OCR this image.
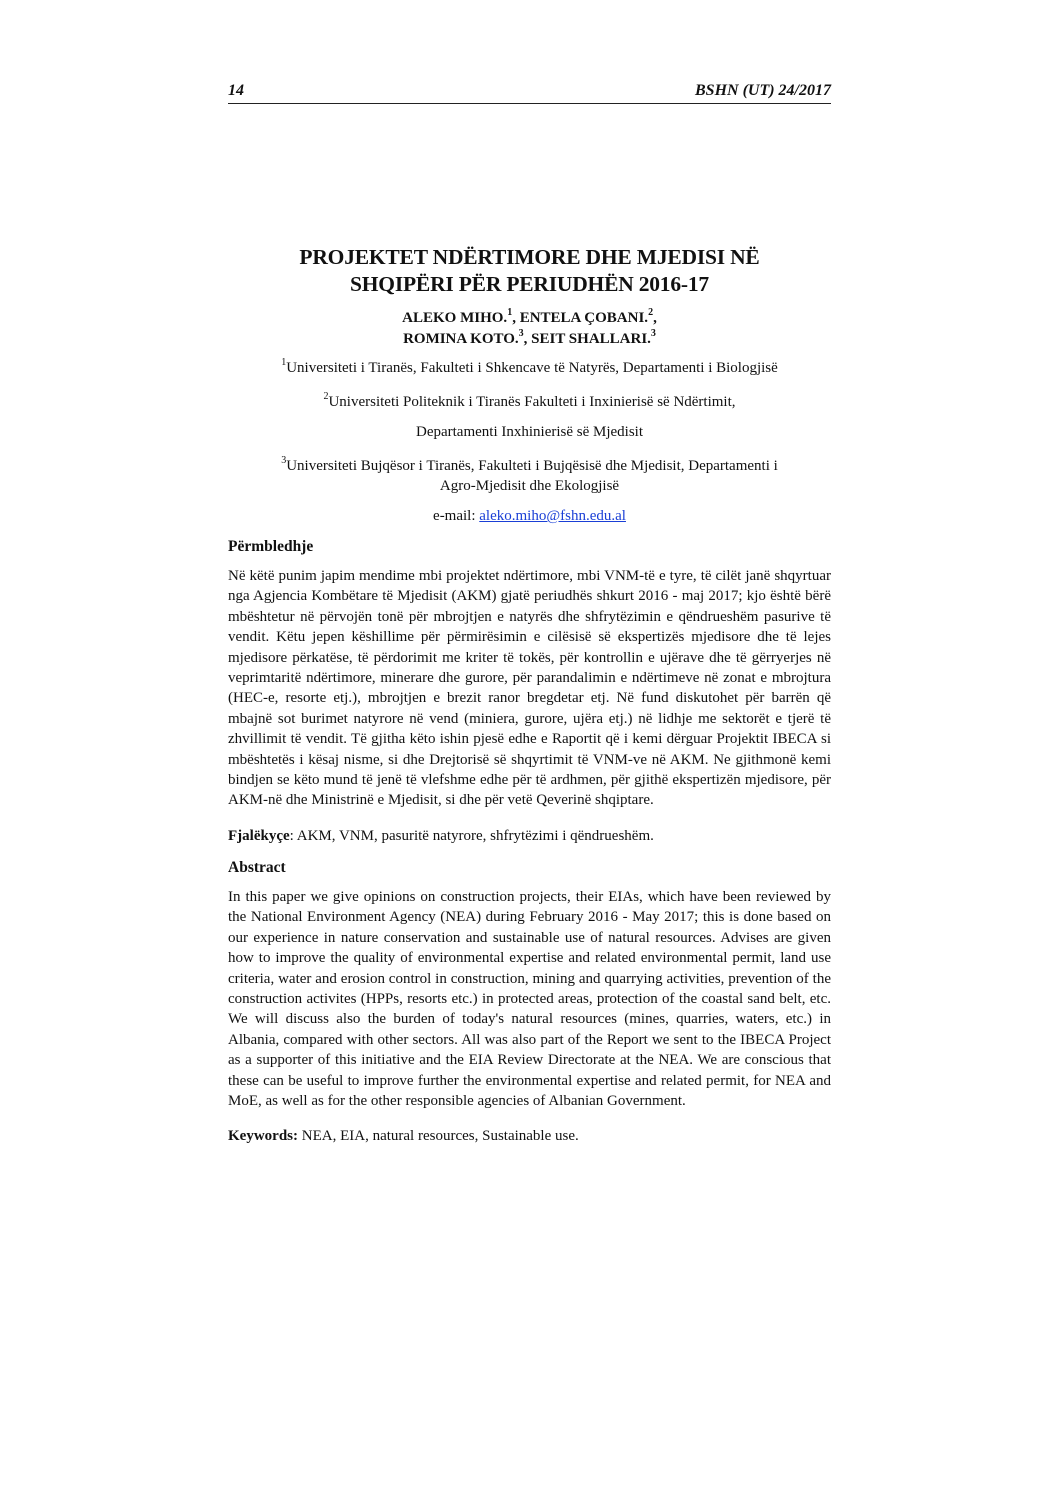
14	BSHN (UT) 24/2017
PROJEKTET NDËRTIMORE DHE MJEDISI NË
SHQIPËRI PËR PERIUDHËN 2016-17
ALEKO MIHO.$^1$, ENTELA ÇOBANI.$^2$,
ROMINA KOTO.$^3$, SEIT SHALLARI.$^3$
$^1$Universiteti i Tiranës, Fakulteti i Shkencave të Natyrës, Departamenti i Biologjisë
$^2$Universiteti Politeknik i Tiranës Fakulteti i Inxinierisë së Ndërtimit,
Departamenti Inxhinierisë së Mjedisit
$^3$Universiteti Bujqësor i Tiranës, Fakulteti i Bujqësisë dhe Mjedisit, Departamenti i
Agro-Mjedisit dhe Ekologjisë
e-mail: aleko.miho@fshn.edu.al
Përmbledhje

Në këtë punim japim mendime mbi projektet ndërtimore, mbi VNM-të e tyre, të cilët janë shqyrtuar nga Agjencia Kombëtare të Mjedisit (AKM) gjatë periudhës shkurt 2016 - maj 2017; kjo është bërë mbështetur në përvojën tonë për mbrojtjen e natyrës dhe shfrytëzimin e qëndrueshëm pasurive të vendit. Këtu jepen këshillime për përmirësimin e cilësisë së ekspertizës mjedisore dhe të lejes mjedisore përkatëse, të përdorimit me kriter të tokës, për kontrollin e ujërave dhe të gërryerjes në veprimtaritë ndërtimore, minerare dhe gurore, për parandalimin e ndërtimeve në zonat e mbrojtura (HEC-e, resorte etj.), mbrojtjen e brezit ranor bregdetar etj. Në fund diskutohet për barrën që mbajnë sot burimet natyrore në vend (miniera, gurore, ujëra etj.) në lidhje me sektorët e tjerë të zhvillimit të vendit. Të gjitha këto ishin pjesë edhe e Raportit që i kemi dërguar Projektit IBECA si mbështetës i kësaj nisme, si dhe Drejtorisë së shqyrtimit të VNM-ve në AKM. Ne gjithmonë kemi bindjen se këto mund të jenë të vlefshme edhe për të ardhmen, për gjithë ekspertizën mjedisore, për AKM-në dhe Ministrinë e Mjedisit, si dhe për vetë Qeverinë shqiptare.

Fjalëkyçe: AKM, VNM, pasuritë natyrore, shfrytëzimi i qëndrueshëm.
Abstract

In this paper we give opinions on construction projects, their EIAs, which have been reviewed by the National Environment Agency (NEA) during February 2016 - May 2017; this is done based on our experience in nature conservation and sustainable use of natural resources. Advises are given how to improve the quality of environmental expertise and related environmental permit, land use criteria, water and erosion control in construction, mining and quarrying activities, prevention of the construction activites (HPPs, resorts etc.) in protected areas, protection of the coastal sand belt, etc. We will discuss also the burden of today's natural resources (mines, quarries, waters, etc.) in Albania, compared with other sectors. All was also part of the Report we sent to the IBECA Project as a supporter of this initiative and the EIA Review Directorate at the NEA. We are conscious that these can be useful to improve further the environmental expertise and related permit, for NEA and MoE, as well as for the other responsible agencies of Albanian Government.

Keywords: NEA, EIA, natural resources, Sustainable use.
